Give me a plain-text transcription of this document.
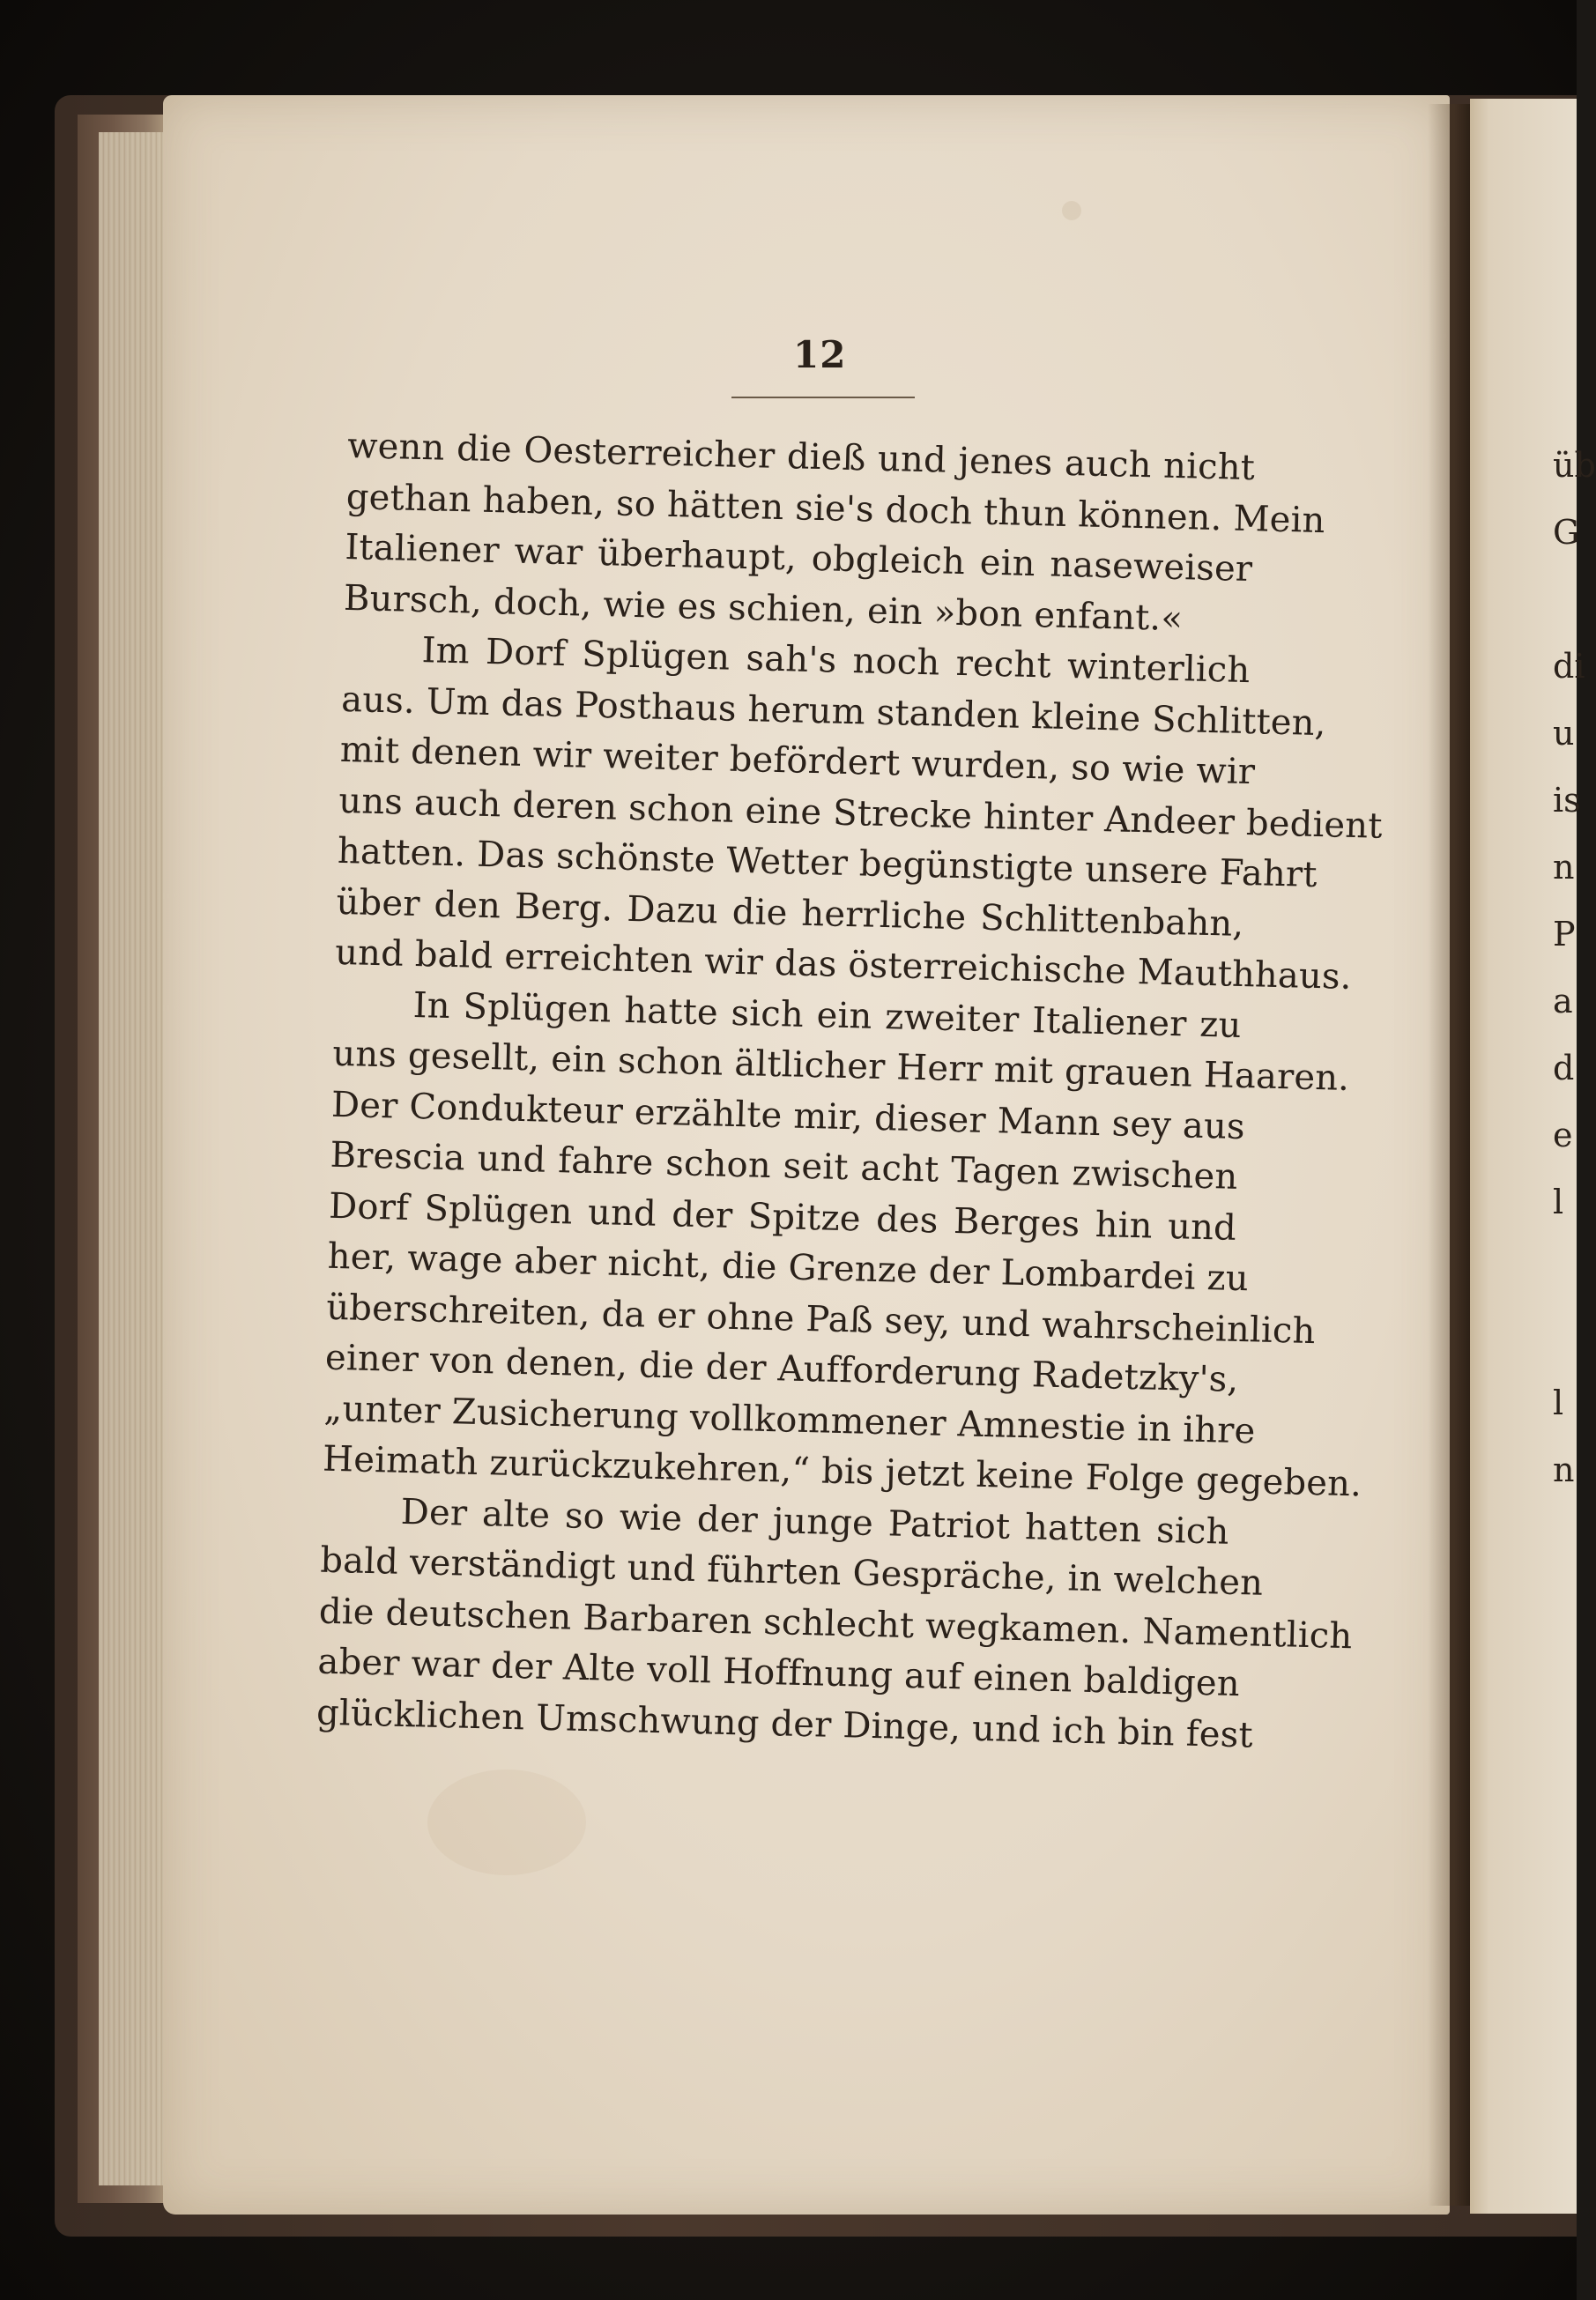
üb
G
di
u
is
n
P
a
d
e
l
l
n
12
wenn die Oesterreicher dieß und jenes auch nicht
gethan haben, so hätten sie's doch thun können. Mein
Italiener war überhaupt, obgleich ein naseweiser
Bursch, doch, wie es schien, ein »bon enfant.«
Im Dorf Splügen sah's noch recht winterlich
aus. Um das Posthaus herum standen kleine Schlitten,
mit denen wir weiter befördert wurden, so wie wir
uns auch deren schon eine Strecke hinter Andeer bedient
hatten. Das schönste Wetter begünstigte unsere Fahrt
über den Berg. Dazu die herrliche Schlittenbahn,
und bald erreichten wir das österreichische Mauthhaus.
In Splügen hatte sich ein zweiter Italiener zu
uns gesellt, ein schon ältlicher Herr mit grauen Haaren.
Der Condukteur erzählte mir, dieser Mann sey aus
Brescia und fahre schon seit acht Tagen zwischen
Dorf Splügen und der Spitze des Berges hin und
her, wage aber nicht, die Grenze der Lombardei zu
überschreiten, da er ohne Paß sey, und wahrscheinlich
einer von denen, die der Aufforderung Radetzky's,
„unter Zusicherung vollkommener Amnestie in ihre
Heimath zurückzukehren,“ bis jetzt keine Folge gegeben.
Der alte so wie der junge Patriot hatten sich
bald verständigt und führten Gespräche, in welchen
die deutschen Barbaren schlecht wegkamen. Namentlich
aber war der Alte voll Hoffnung auf einen baldigen
glücklichen Umschwung der Dinge, und ich bin fest
